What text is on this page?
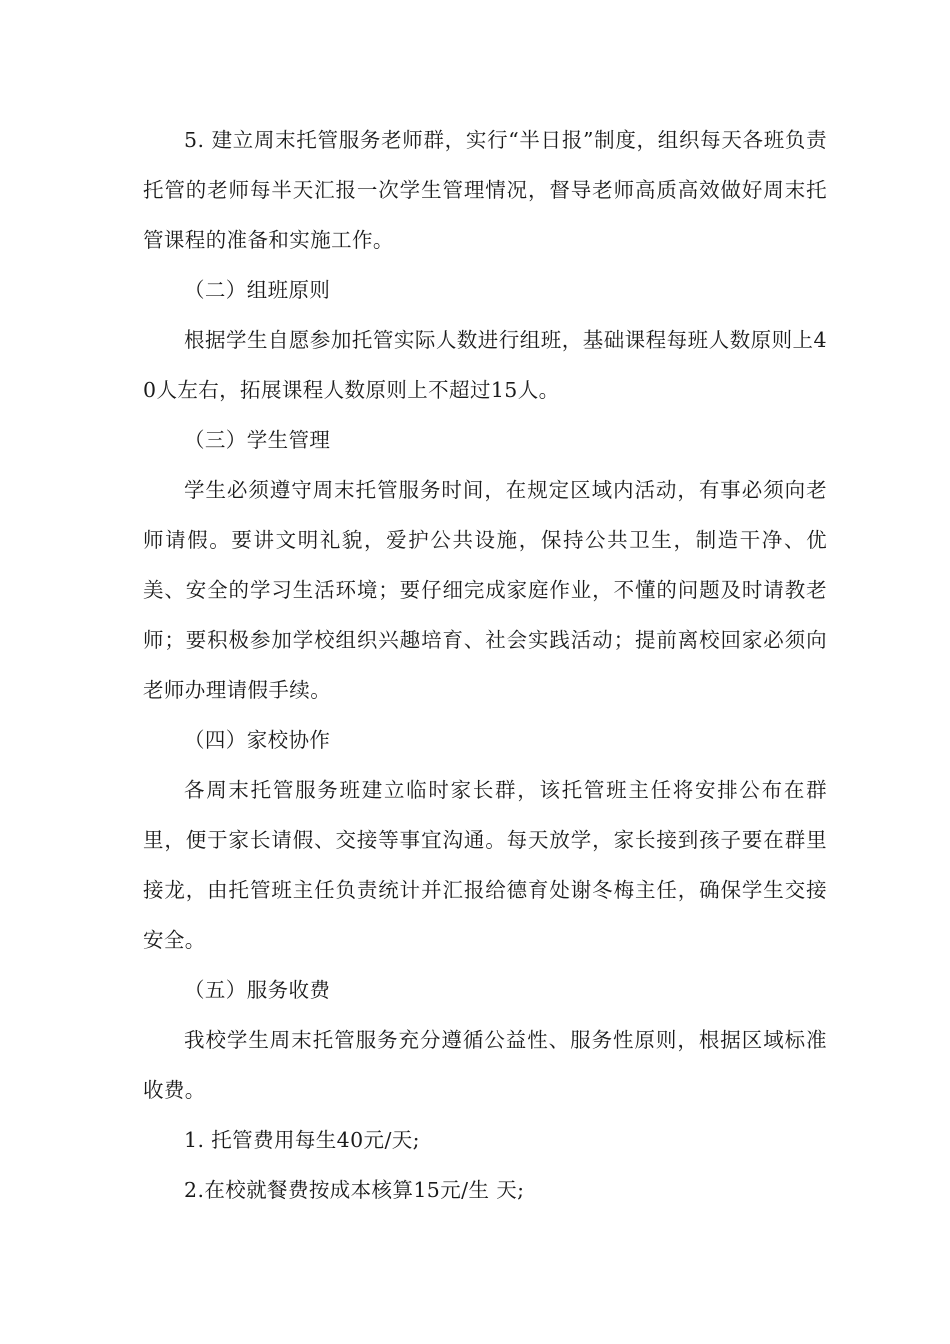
5. 建立周末托管服务老师群，实行“半日报”制度，组织每天各班负责托管的老师每半天汇报一次学生管理情况，督导老师高质高效做好周末托管课程的准备和实施工作。

（二）组班原则

根据学生自愿参加托管实际人数进行组班，基础课程每班人数原则上40人左右，拓展课程人数原则上不超过15人。

（三）学生管理

学生必须遵守周末托管服务时间，在规定区域内活动，有事必须向老师请假。要讲文明礼貌，爱护公共设施，保持公共卫生，制造干净、优美、安全的学习生活环境；要仔细完成家庭作业，不懂的问题及时请教老师；要积极参加学校组织兴趣培育、社会实践活动；提前离校回家必须向老师办理请假手续。

（四）家校协作

各周末托管服务班建立临时家长群，该托管班主任将安排公布在群里，便于家长请假、交接等事宜沟通。每天放学，家长接到孩子要在群里接龙，由托管班主任负责统计并汇报给德育处谢冬梅主任，确保学生交接安全。

（五）服务收费

我校学生周末托管服务充分遵循公益性、服务性原则，根据区域标准收费。

1. 托管费用每生40元/天;

2.在校就餐费按成本核算15元/生 天;
